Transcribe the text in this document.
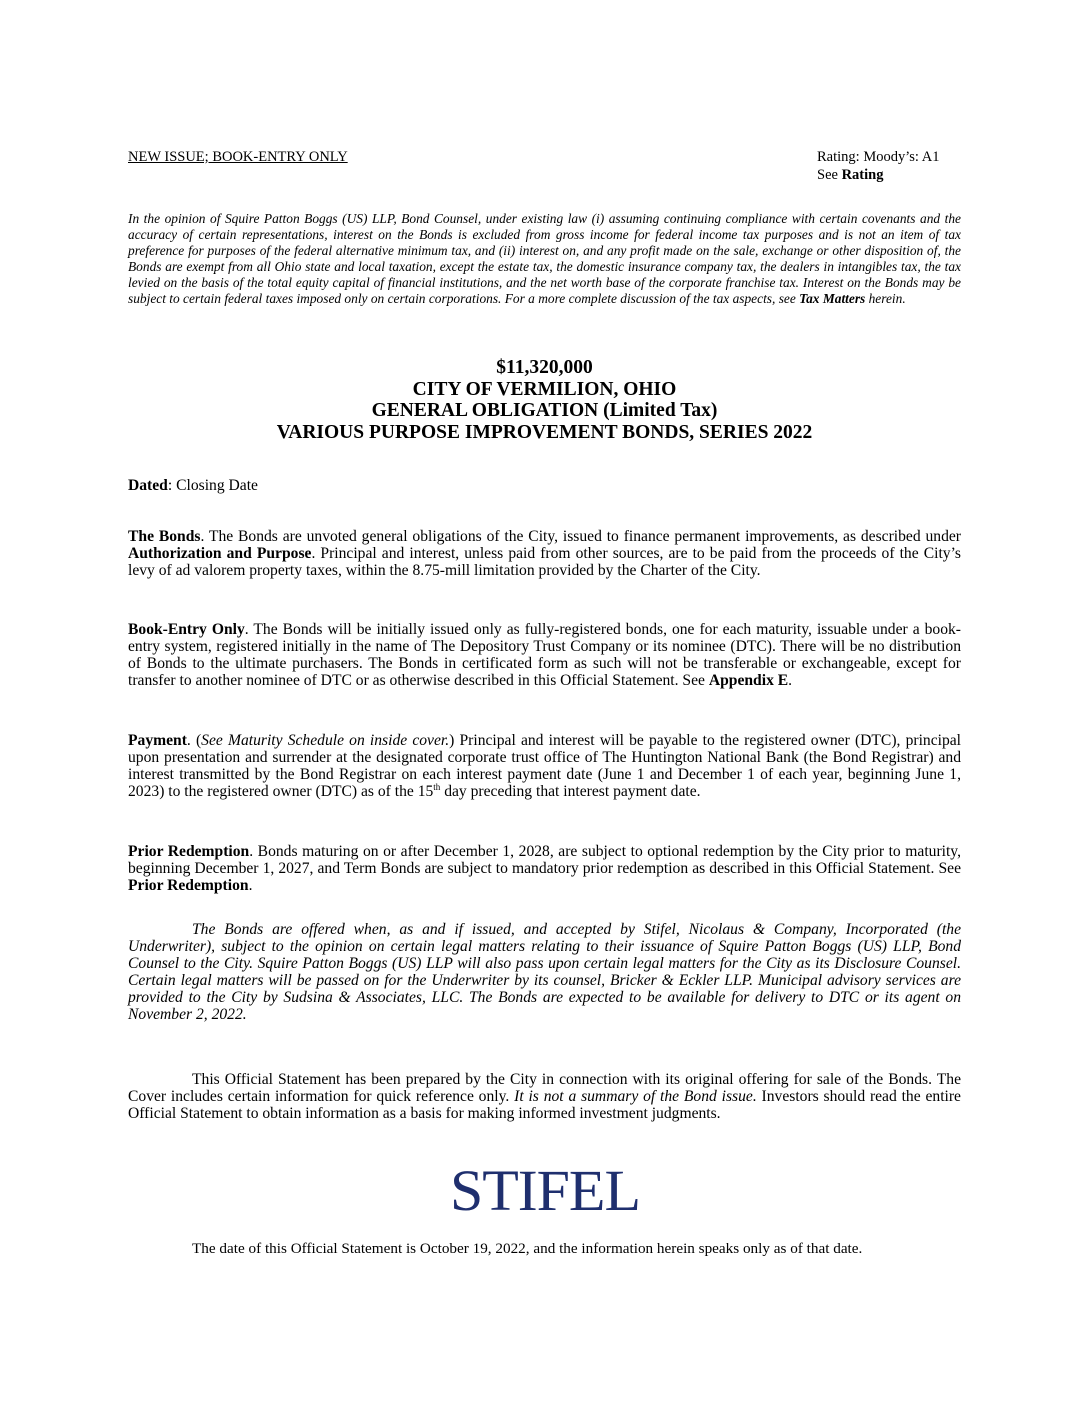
NEW ISSUE; BOOK-ENTRY ONLY	Rating: Moody’s: A1
See Rating
In the opinion of Squire Patton Boggs (US) LLP, Bond Counsel, under existing law (i) assuming continuing compliance with certain covenants and the accuracy of certain representations, interest on the Bonds is excluded from gross income for federal income tax purposes and is not an item of tax preference for purposes of the federal alternative minimum tax, and (ii) interest on, and any profit made on the sale, exchange or other disposition of, the Bonds are exempt from all Ohio state and local taxation, except the estate tax, the domestic insurance company tax, the dealers in intangibles tax, the tax levied on the basis of the total equity capital of financial institutions, and the net worth base of the corporate franchise tax. Interest on the Bonds may be subject to certain federal taxes imposed only on certain corporations. For a more complete discussion of the tax aspects, see Tax Matters herein.
$11,320,000
CITY OF VERMILION, OHIO
GENERAL OBLIGATION (Limited Tax)
VARIOUS PURPOSE IMPROVEMENT BONDS, SERIES 2022
Dated: Closing Date
The Bonds. The Bonds are unvoted general obligations of the City, issued to finance permanent improvements, as described under Authorization and Purpose. Principal and interest, unless paid from other sources, are to be paid from the proceeds of the City’s levy of ad valorem property taxes, within the 8.75-mill limitation provided by the Charter of the City.
Book-Entry Only. The Bonds will be initially issued only as fully-registered bonds, one for each maturity, issuable under a book-entry system, registered initially in the name of The Depository Trust Company or its nominee (DTC). There will be no distribution of Bonds to the ultimate purchasers. The Bonds in certificated form as such will not be transferable or exchangeable, except for transfer to another nominee of DTC or as otherwise described in this Official Statement. See Appendix E.
Payment. (See Maturity Schedule on inside cover.) Principal and interest will be payable to the registered owner (DTC), principal upon presentation and surrender at the designated corporate trust office of The Huntington National Bank (the Bond Registrar) and interest transmitted by the Bond Registrar on each interest payment date (June 1 and December 1 of each year, beginning June 1, 2023) to the registered owner (DTC) as of the 15th day preceding that interest payment date.
Prior Redemption. Bonds maturing on or after December 1, 2028, are subject to optional redemption by the City prior to maturity, beginning December 1, 2027, and Term Bonds are subject to mandatory prior redemption as described in this Official Statement. See Prior Redemption.
The Bonds are offered when, as and if issued, and accepted by Stifel, Nicolaus & Company, Incorporated (the Underwriter), subject to the opinion on certain legal matters relating to their issuance of Squire Patton Boggs (US) LLP, Bond Counsel to the City. Squire Patton Boggs (US) LLP will also pass upon certain legal matters for the City as its Disclosure Counsel. Certain legal matters will be passed on for the Underwriter by its counsel, Bricker & Eckler LLP. Municipal advisory services are provided to the City by Sudsina & Associates, LLC. The Bonds are expected to be available for delivery to DTC or its agent on November 2, 2022.
This Official Statement has been prepared by the City in connection with its original offering for sale of the Bonds. The Cover includes certain information for quick reference only. It is not a summary of the Bond issue. Investors should read the entire Official Statement to obtain information as a basis for making informed investment judgments.
STIFEL
The date of this Official Statement is October 19, 2022, and the information herein speaks only as of that date.
